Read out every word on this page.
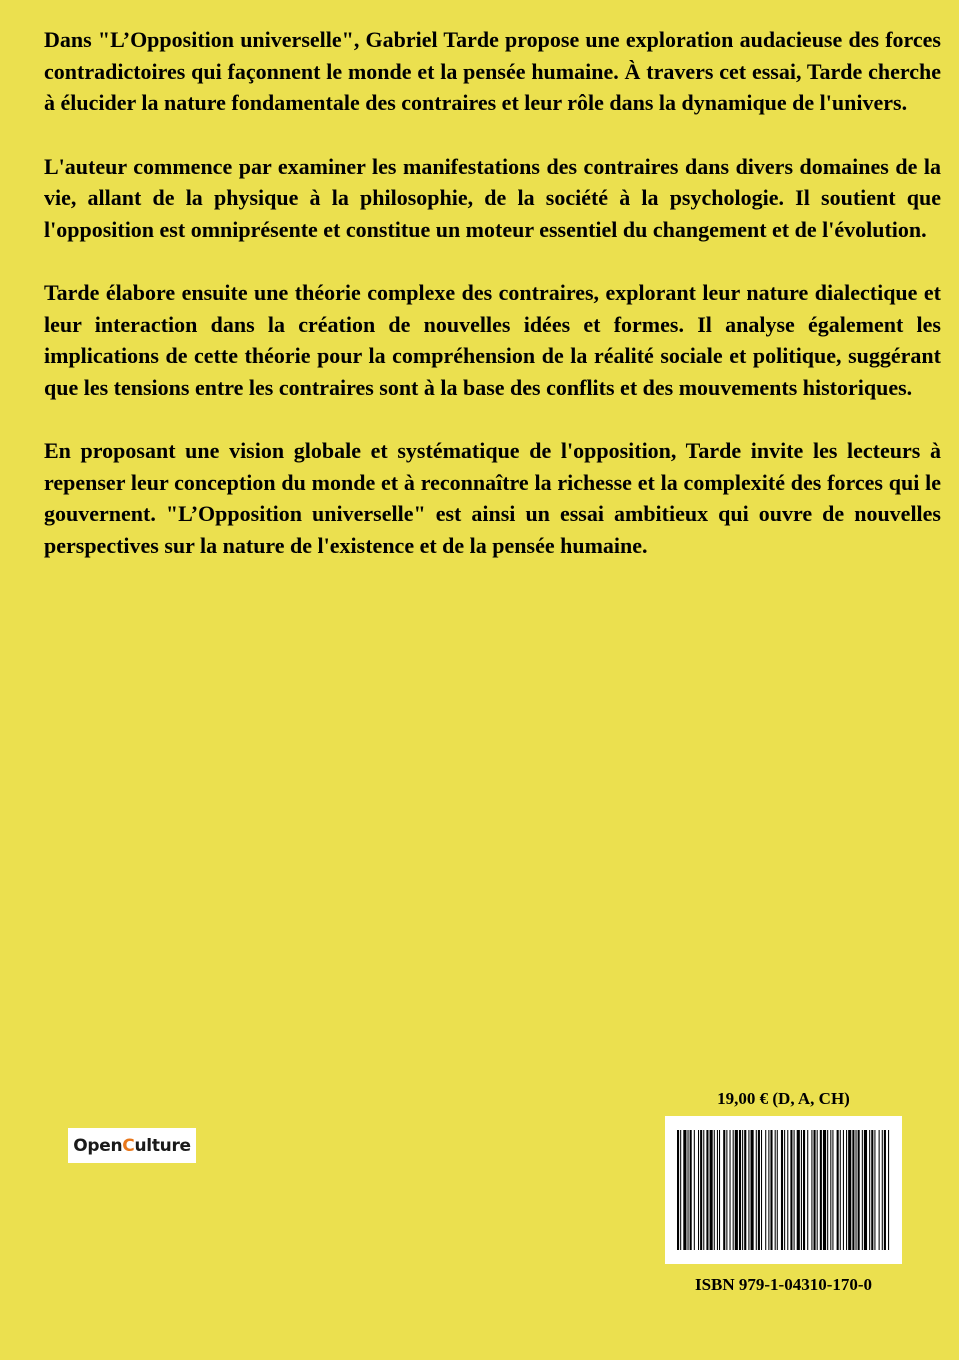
Dans "L’Opposition universelle", Gabriel Tarde propose une exploration audacieuse des forces contradictoires qui façonnent le monde et la pensée humaine. À travers cet essai, Tarde cherche à élucider la nature fondamentale des contraires et leur rôle dans la dynamique de l'univers.

L'auteur commence par examiner les manifestations des contraires dans divers domaines de la vie, allant de la physique à la philosophie, de la société à la psychologie. Il soutient que l'opposition est omniprésente et constitue un moteur essentiel du changement et de l'évolution.

Tarde élabore ensuite une théorie complexe des contraires, explorant leur nature dialectique et leur interaction dans la création de nouvelles idées et formes. Il analyse également les implications de cette théorie pour la compréhension de la réalité sociale et politique, suggérant que les tensions entre les contraires sont à la base des conflits et des mouvements historiques.

En proposant une vision globale et systématique de l'opposition, Tarde invite les lecteurs à repenser leur conception du monde et à reconnaître la richesse et la complexité des forces qui le gouvernent. "L’Opposition universelle" est ainsi un essai ambitieux qui ouvre de nouvelles perspectives sur la nature de l'existence et de la pensée humaine.

OpenCulture
19,00 € (D, A, CH)
ISBN 979-1-04310-170-0
